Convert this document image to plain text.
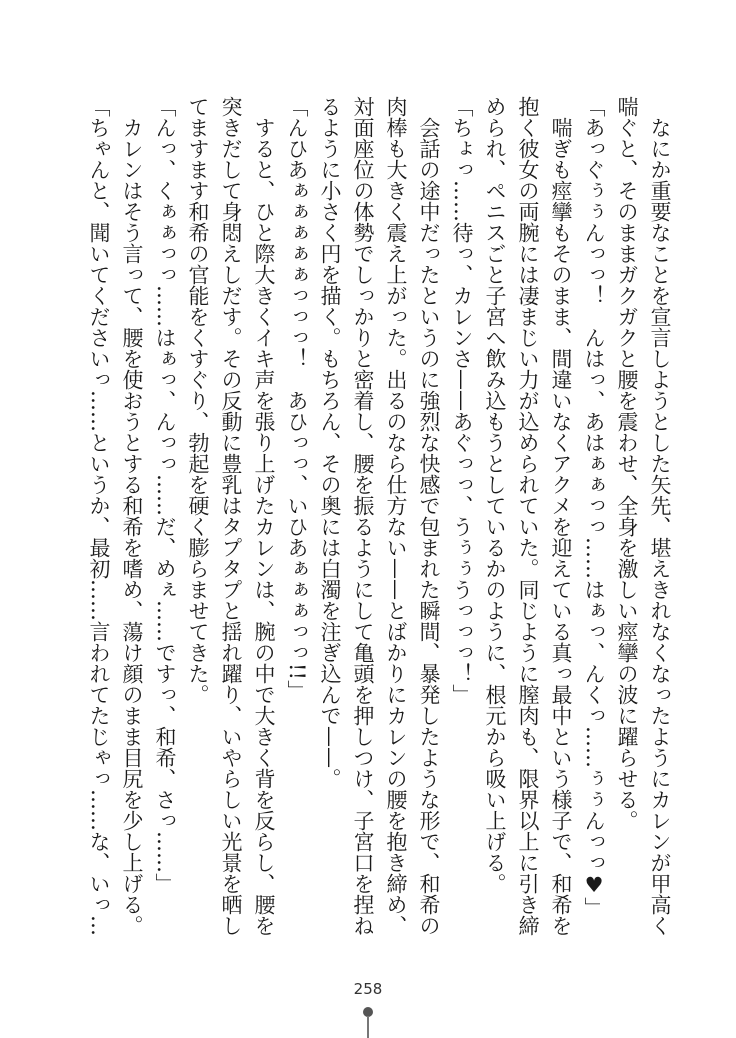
　なにか重要なことを宣言しようとした矢先、堪えきれなくなったようにカレンが甲高く
喘ぐと、そのままガクガクと腰を震わせ、全身を激しい痙攣の波に躍らせる。
「あっぐぅぅんっっ！　んはっ、あはぁぁっっ……はぁっ、んくっ……ぅぅんっっ♥」
　喘ぎも痙攣もそのまま、間違いなくアクメを迎えている真っ最中という様子で、和希を
抱く彼女の両腕には凄まじい力が込められていた。同じように膣肉も、限界以上に引き締
められ、ペニスごと子宮へ飲み込もうとしているかのように、根元から吸い上げる。
「ちょっ……待っ、カレンさ——あぐっっ、うぅぅうっっっ！」
　会話の途中だったというのに強烈な快感で包まれた瞬間、暴発したような形で、和希の
肉棒も大きく震え上がった。出るのなら仕方ない——とばかりにカレンの腰を抱き締め、
対面座位の体勢でしっかりと密着し、腰を振るようにして亀頭を押しつけ、子宮口を捏ね
るように小さく円を描く。もちろん、その奥には白濁を注ぎ込んで——。
「んひあぁぁぁぁぁっっっ！　あひっっ、いひあぁぁぁっっ!!」
　すると、ひと際大きくイキ声を張り上げたカレンは、腕の中で大きく背を反らし、腰を
突きだして身悶えしだす。その反動に豊乳はタプタプと揺れ躍り、いやらしい光景を晒し
てますます和希の官能をくすぐり、勃起を硬く膨らませてきた。
「んっ、くぁぁっっ……はぁっ、んっっ……だ、めぇ……ですっ、和希、さっ……」
　カレンはそう言って、腰を使おうとする和希を嗜め、蕩け顔のまま目尻を少し上げる。
「ちゃんと、聞いてくださいっ……というか、最初……言われてたじゃっ……な、いっ…
258
